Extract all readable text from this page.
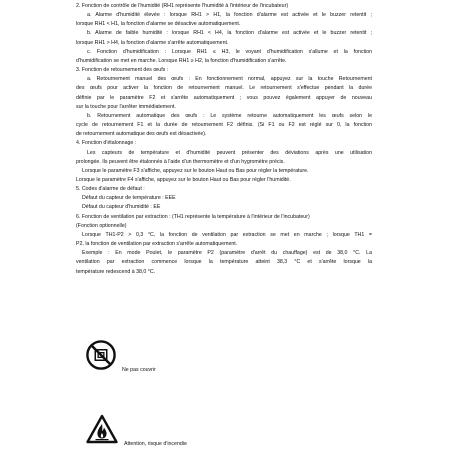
2. Fonction de contrôle de l'humidité (RH1 représente l'humidité à l'intérieur de l'incubateur)
a. Alarme d'humidité élevée : lorsque RH1 > H1, la fonction d'alarme est activée et le buzzer retentit ;
lorsque RH1 < H1, la fonction d'alarme se désactive automatiquement.
b. Alarme de faible humidité : lorsque RH1 < H4, la fonction d'alarme est activée et le buzzer retentit ;
lorsque RH1 > H4, la fonction d'alarme s'arrête automatiquement.
c. Fonction d'humidification : Lorsque RH1 ≤ H3, le voyant d'humidification s'allume et la fonction
d'humidification se met en marche. Lorsque RH1 ≥ H2, la fonction d'humidification s'arrête.
3. Fonction de retournement des œufs :
a. Retournement manuel des œufs : En fonctionnement normal, appuyez sur la touche Retournement
des œufs pour activer la fonction de retournement manuel. Le retournement s'effectue pendant la durée
définie par le paramètre F2 et s'arrête automatiquement ; vous pouvez également appuyer de nouveau
sur la touche pour l'arrêter immédiatement.
b. Retournement automatique des œufs : Le système retourne automatiquement les œufs selon le
cycle de retournement F1 et la durée de retournement F2 définis. (Si F1 ou F2 est réglé sur 0, la fonction
de retournement automatique des œufs est désactivée).
4. Fonction d'étalonnage :
Les capteurs de température et d'humidité peuvent présenter des déviations après une utilisation
prolongée. Ils peuvent être étalonnés à l'aide d'un thermomètre et d'un hygromètre précis.
Lorsque le paramètre F3 s'affiche, appuyez sur le bouton Haut ou Bas pour régler la température.
Lorsque le paramètre F4 s'affiche, appuyez sur le bouton Haut ou Bas pour régler l'humidité.
5. Codes d'alarme de défaut :
Défaut du capteur de température : EEE
Défaut du capteur d'humidité : EE
6. Fonction de ventilation par extraction : (TH1 représente la température à l'intérieur de l'incubateur)
(Fonction optionnelle)
Lorsque TH1-P2 > 0,3 °C, la fonction de ventilation par extraction se met en marche ; lorsque TH1 =
P2, la fonction de ventilation par extraction s'arrête automatiquement.
Exemple : En mode Poulet, le paramètre P2 (paramètre d'arrêt du chauffage) est de 38,0 °C. La
ventilation par extraction commence lorsque la température atteint 38,3 °C et s'arrête lorsque la
température redescend à 38,0 °C.
Ne pas couvrir
Attention, risque d'incendie
